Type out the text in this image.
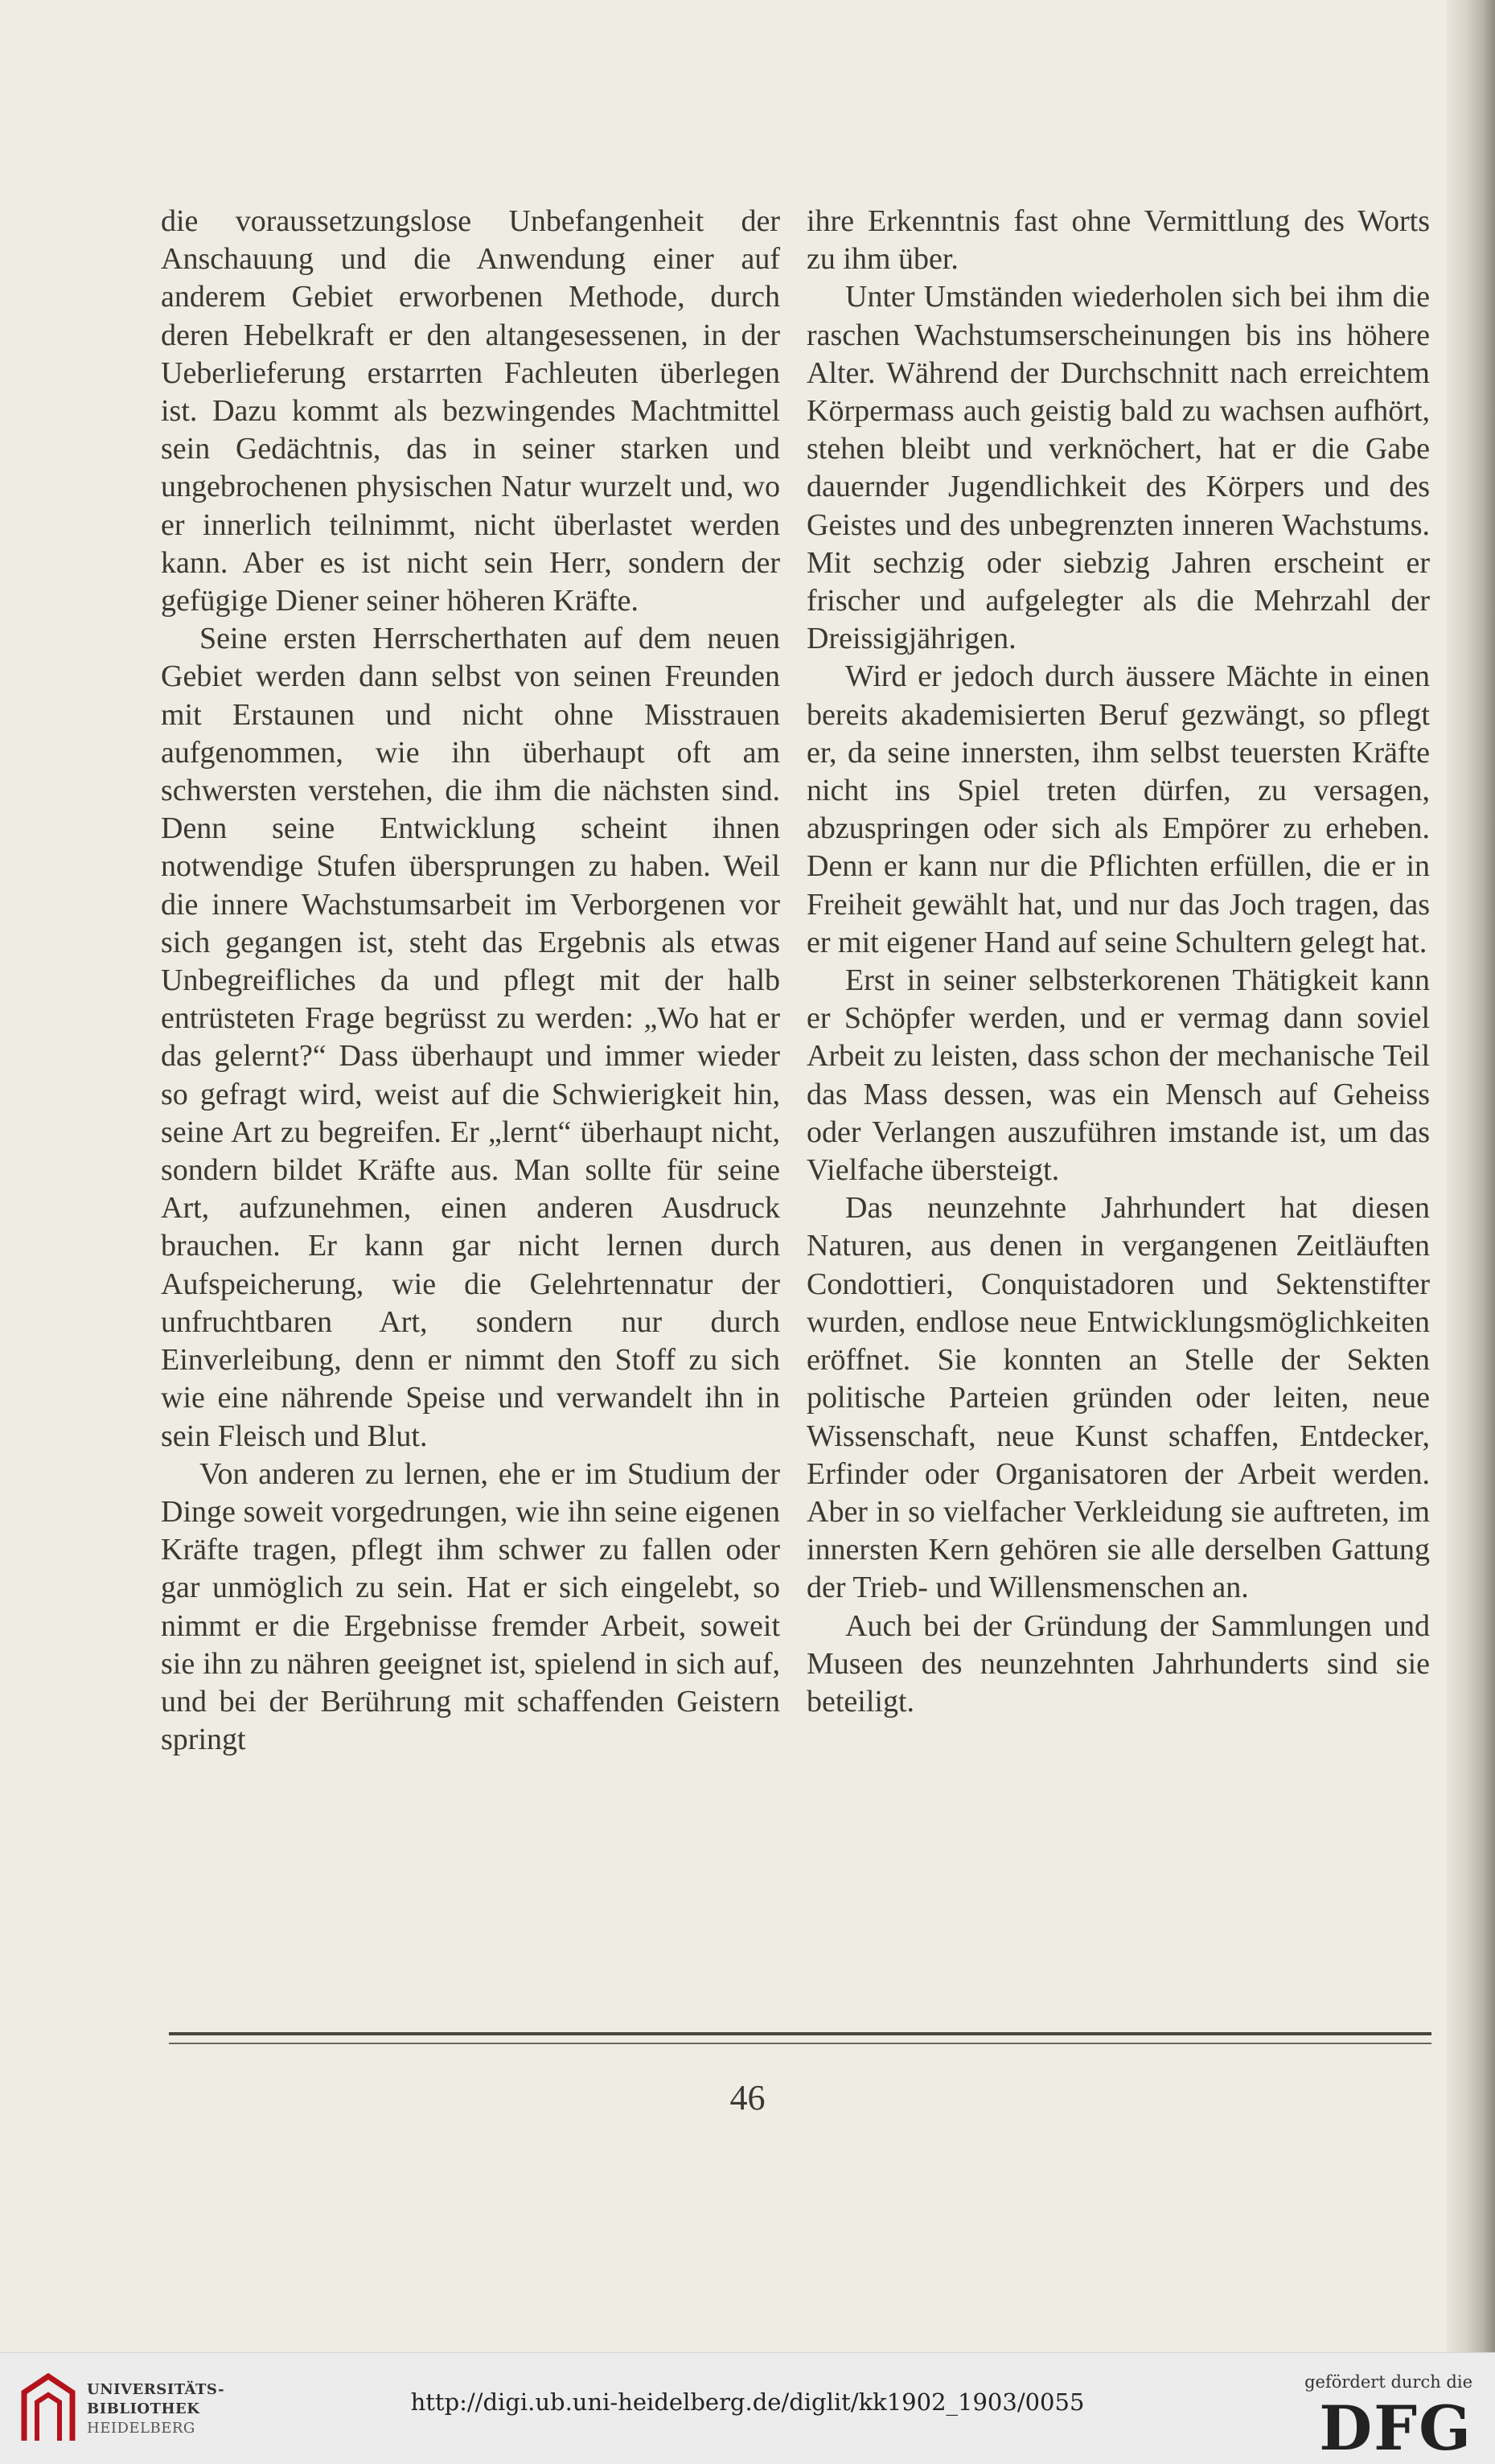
die voraussetzungslose Unbefangenheit der Anschauung und die Anwendung einer auf anderem Gebiet erworbenen Methode, durch deren Hebelkraft er den altangesessenen, in der Ueberlieferung erstarrten Fachleuten überlegen ist. Dazu kommt als bezwingendes Machtmittel sein Gedächtnis, das in seiner starken und ungebrochenen physischen Natur wurzelt und, wo er innerlich teilnimmt, nicht überlastet werden kann. Aber es ist nicht sein Herr, sondern der gefügige Diener seiner höheren Kräfte.

Seine ersten Herrscherthaten auf dem neuen Gebiet werden dann selbst von seinen Freunden mit Erstaunen und nicht ohne Misstrauen aufgenommen, wie ihn überhaupt oft am schwersten verstehen, die ihm die nächsten sind. Denn seine Entwicklung scheint ihnen notwendige Stufen übersprungen zu haben. Weil die innere Wachstumsarbeit im Verborgenen vor sich gegangen ist, steht das Ergebnis als etwas Unbegreifliches da und pflegt mit der halb entrüsteten Frage begrüsst zu werden: „Wo hat er das gelernt?“ Dass überhaupt und immer wieder so gefragt wird, weist auf die Schwierigkeit hin, seine Art zu begreifen. Er „lernt“ überhaupt nicht, sondern bildet Kräfte aus. Man sollte für seine Art, aufzunehmen, einen anderen Ausdruck brauchen. Er kann gar nicht lernen durch Aufspeicherung, wie die Gelehrtennatur der unfruchtbaren Art, sondern nur durch Einverleibung, denn er nimmt den Stoff zu sich wie eine nährende Speise und verwandelt ihn in sein Fleisch und Blut.

Von anderen zu lernen, ehe er im Studium der Dinge soweit vorgedrungen, wie ihn seine eigenen Kräfte tragen, pflegt ihm schwer zu fallen oder gar unmöglich zu sein. Hat er sich eingelebt, so nimmt er die Ergebnisse fremder Arbeit, soweit sie ihn zu nähren geeignet ist, spielend in sich auf, und bei der Berührung mit schaffenden Geistern springt

ihre Erkenntnis fast ohne Vermittlung des Worts zu ihm über.

Unter Umständen wiederholen sich bei ihm die raschen Wachstumserscheinungen bis ins höhere Alter. Während der Durchschnitt nach erreichtem Körpermass auch geistig bald zu wachsen aufhört, stehen bleibt und verknöchert, hat er die Gabe dauernder Jugendlichkeit des Körpers und des Geistes und des unbegrenzten inneren Wachstums. Mit sechzig oder siebzig Jahren erscheint er frischer und aufgelegter als die Mehrzahl der Dreissigjährigen.

Wird er jedoch durch äussere Mächte in einen bereits akademisierten Beruf gezwängt, so pflegt er, da seine innersten, ihm selbst teuersten Kräfte nicht ins Spiel treten dürfen, zu versagen, abzuspringen oder sich als Empörer zu erheben. Denn er kann nur die Pflichten erfüllen, die er in Freiheit gewählt hat, und nur das Joch tragen, das er mit eigener Hand auf seine Schultern gelegt hat.

Erst in seiner selbsterkorenen Thätigkeit kann er Schöpfer werden, und er vermag dann soviel Arbeit zu leisten, dass schon der mechanische Teil das Mass dessen, was ein Mensch auf Geheiss oder Verlangen auszuführen imstande ist, um das Vielfache übersteigt.

Das neunzehnte Jahrhundert hat diesen Naturen, aus denen in vergangenen Zeitläuften Condottieri, Conquistadoren und Sektenstifter wurden, endlose neue Entwicklungsmöglichkeiten eröffnet. Sie konnten an Stelle der Sekten politische Parteien gründen oder leiten, neue Wissenschaft, neue Kunst schaffen, Entdecker, Erfinder oder Organisatoren der Arbeit werden. Aber in so vielfacher Verkleidung sie auftreten, im innersten Kern gehören sie alle derselben Gattung der Trieb- und Willensmenschen an.

Auch bei der Gründung der Sammlungen und Museen des neunzehnten Jahrhunderts sind sie beteiligt.

46
UNIVERSITÄTS-
BIBLIOTHEK
HEIDELBERG
http://digi.ub.uni-heidelberg.de/diglit/kk1902_1903/0055
gefördert durch die
DFG
